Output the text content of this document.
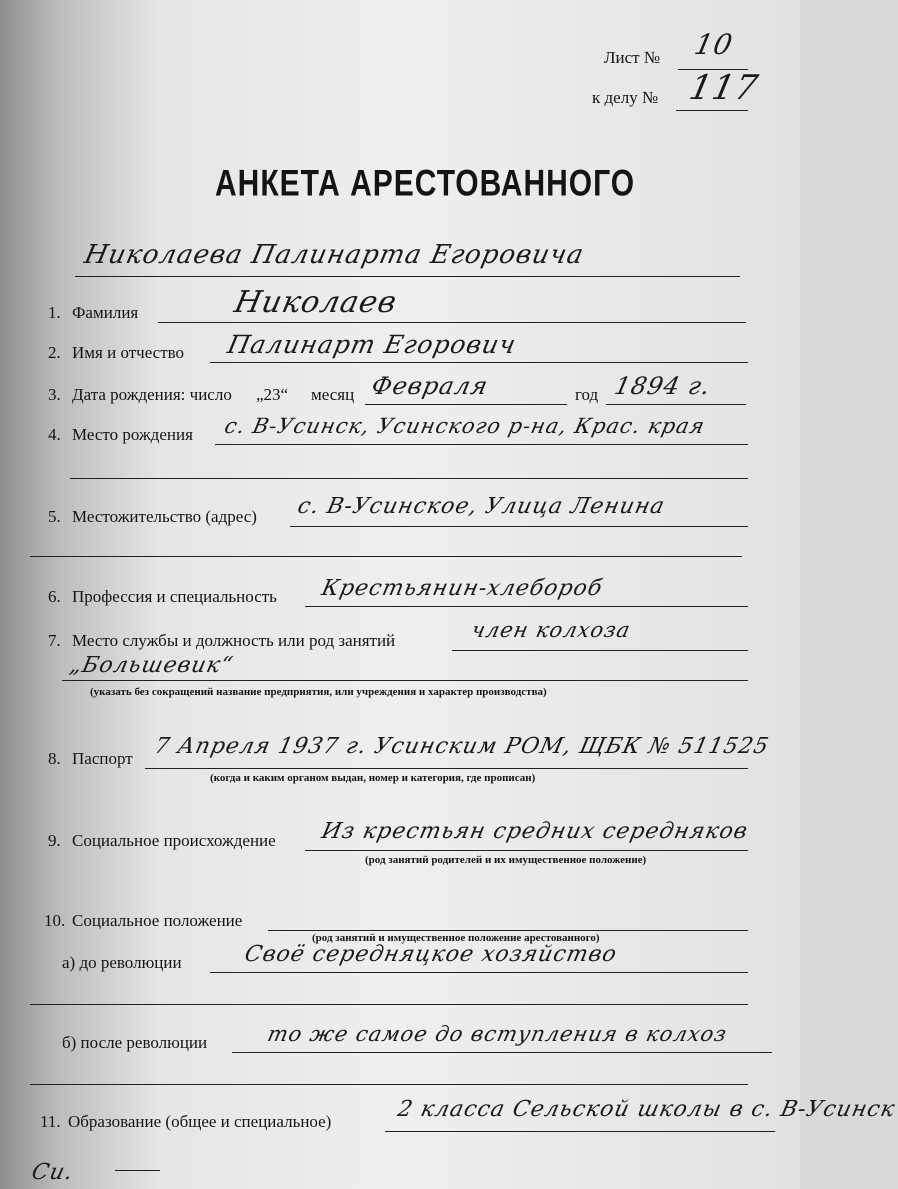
Лист № 10
к делу № 117
АНКЕТА АРЕСТОВАННОГО
Николаева Палинарта Егоровича
1. Фамилия	Николаев
2. Имя и отчество Палинарт Егорович
3. Дата рождения: число „23“ месяц Февраля	год 1894 г.
4. Место рождения с. В-Усинск, Усинского р-на, Крас. края
5. Местожительство (адрес) с. В-Усинское, Улица Ленина
6. Профессия и специальность Крестьянин-хлебороб
7. Место службы и должность или род занятий	член колхоза
„Большевик“
(указать без сокращений название предприятия, или учреждения и характер производства)
8. Паспорт 7 Апреля 1937 г. Усинским РОМ, ЩБК № 511525
(когда и каким органом выдан, номер и категория, где прописан)
9. Социальное происхождение Из крестьян средних середняков
(род занятий родителей и их имущественное положение)
10. Социальное положение
(род занятий и имущественное положение арестованного)
а) до революции	Своё середняцкое хозяйство
б) после революции	то же самое до вступления в колхоз
11. Образование (общее и специальное)	2 класса Сельской школы в с. В-Усинск
Си.
